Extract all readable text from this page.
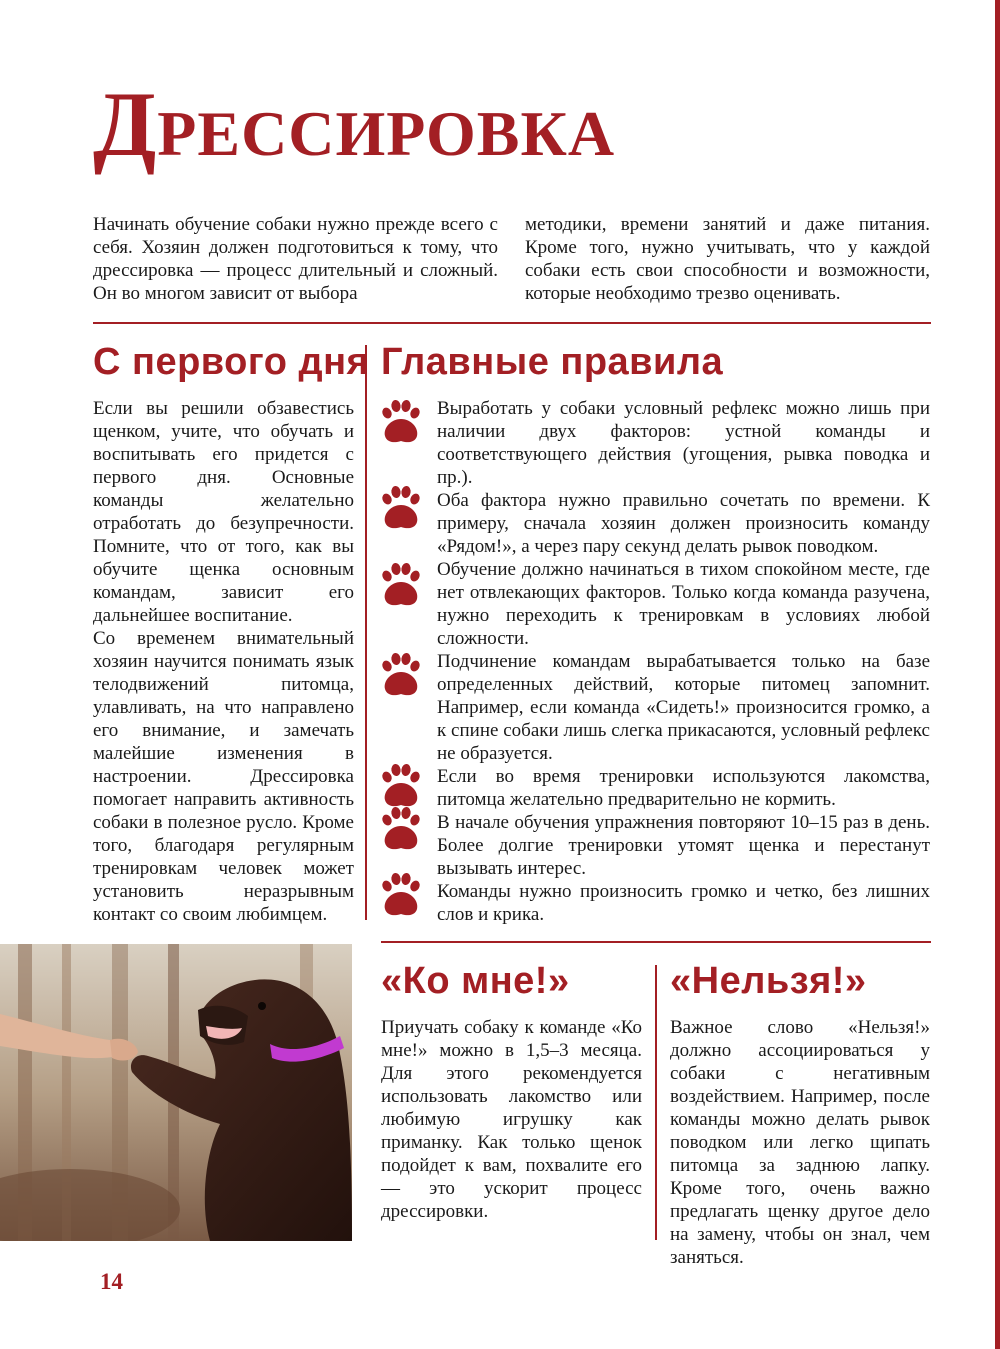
Дрессировка

Начинать обучение собаки нужно прежде всего с себя. Хозяин должен подготовиться к тому, что дрессировка — процесс длительный и сложный. Он во многом зависит от выбора

методики, времени занятий и даже питания. Кроме того, нужно учитывать, что у каждой собаки есть свои способности и возможности, которые необходимо трезво оценивать.

С первого дня

Если вы решили обзавестись щенком, учите, что обучать и воспитывать его придется с первого дня. Основные команды желательно отработать до безупречности. Помните, что от того, как вы обучите щенка основным командам, зависит его дальнейшее воспитание.

Со временем внимательный хозяин научится понимать язык телодвижений питомца, улавливать, на что направлено его внимание, и замечать малейшие изменения в настроении. Дрессировка помогает направить активность собаки в полезное русло. Кроме того, благодаря регулярным тренировкам человек может установить неразрывным контакт со своим любимцем.

Главные правила

Выработать у собаки условный рефлекс можно лишь при наличии двух факторов: устной команды и соответствующего действия (угощения, рывка поводка и пр.).

Оба фактора нужно правильно сочетать по времени. К примеру, сначала хозяин должен произносить команду «Рядом!», а через пару секунд делать рывок поводком.

Обучение должно начинаться в тихом спокойном месте, где нет отвлекающих факторов. Только когда команда разучена, нужно переходить к тренировкам в условиях любой сложности.

Подчинение командам вырабатывается только на базе определенных действий, которые питомец запомнит. Например, если команда «Сидеть!» произносится громко, а к спине собаки лишь слегка прикасаются, условный рефлекс не образуется.

Если во время тренировки используются лакомства, питомца желательно предварительно не кормить.

В начале обучения упражнения повторяют 10–15 раз в день. Более долгие тренировки утомят щенка и перестанут вызывать интерес.

Команды нужно произносить громко и четко, без лишних слов и крика.

«Ко мне!»

Приучать собаку к команде «Ко мне!» можно в 1,5–3 месяца. Для этого рекомендуется использовать лакомство или любимую игрушку как приманку. Как только щенок подойдет к вам, похвалите его — это ускорит процесс дрессировки.

«Нельзя!»

Важное слово «Нельзя!» должно ассоциироваться у собаки с негативным воздействием. Например, после команды можно делать рывок поводком или легко щипать питомца за заднюю лапку. Кроме того, очень важно предлагать щенку другое дело на замену, чтобы он знал, чем заняться.

14
